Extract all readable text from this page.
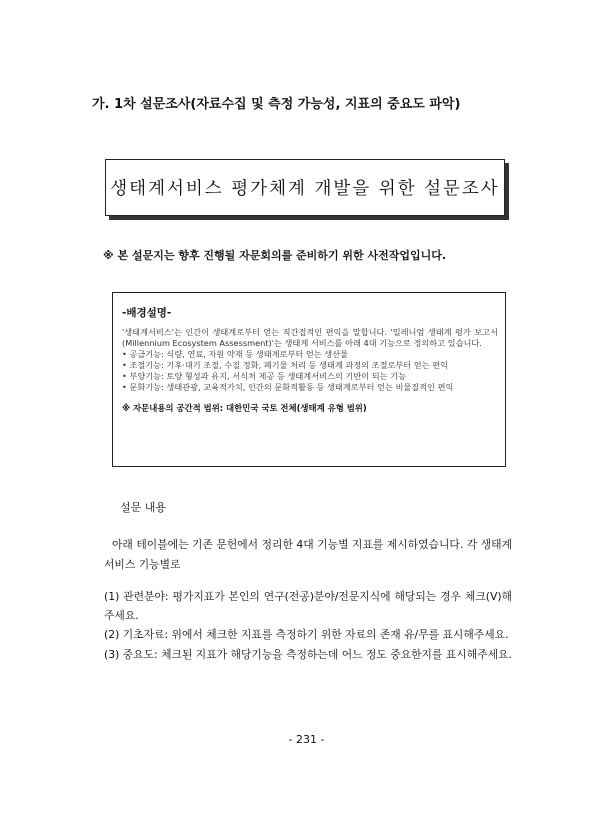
가. 1차 설문조사(자료수집 및 측정 가능성, 지표의 중요도 파악)
생태계서비스 평가체계 개발을 위한 설문조사

※ 본 설문지는 향후 진행될 자문회의를 준비하기 위한 사전작업입니다.

-배경설명-

'생태계서비스'는 인간이 생태계로부터 얻는 직간접적인 편익을 말합니다. '밀레니엄 생태계 평가 보고서(Millennium Ecosystem Assessment)'는 생태계 서비스를 아래 4대 기능으로 정의하고 있습니다.

• 공급기능: 식량, 연료, 자원 약재 등 생태계로부터 얻는 생산물
• 조절기능: 기후·대기 조절, 수질 정화, 폐기물 처리 등 생태계 과정의 조절로부터 얻는 편익
• 부양기능: 토양 형성과 유지, 서식처 제공 등 생태계서비스의 기반이 되는 기능
• 문화기능: 생태관광, 교육적가치, 인간의 문화적활동 등 생태계로부터 얻는 비물질적인 편익

※ 자문내용의 공간적 범위: 대한민국 국토 전체(생태계 유형 범위)

설문 내용

아래 테이블에는 기존 문헌에서 정리한 4대 기능별 지표를 제시하였습니다. 각 생태계서비스 기능별로

(1) 관련분야: 평가지표가 본인의 연구(전공)분야/전문지식에 해당되는 경우 체크(V)해 주세요.
(2) 기초자료: 위에서 체크한 지표를 측정하기 위한 자료의 존재 유/무를 표시해주세요.
(3) 중요도: 체크된 지표가 해당기능을 측정하는데 어느 정도 중요한지를 표시해주세요.

- 231 -
